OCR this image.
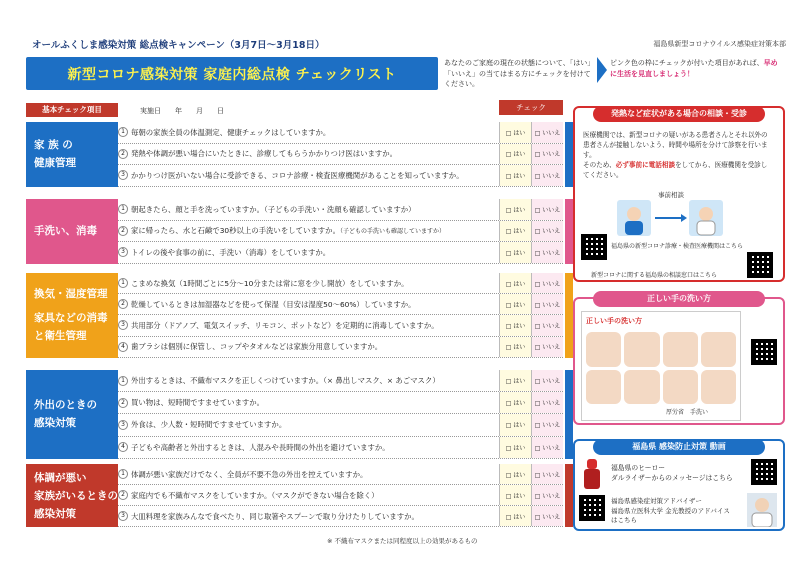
オールふくしま感染対策 総点検キャンペーン（3月7日〜3月18日）	福島県新型コロナウイルス感染症対策本部
新型コロナ感染対策 家庭内総点検 チェックリスト
あなたのご家庭の現在の状態について、「はい」「いいえ」の当てはまる方にチェックを付けてください。
ピンク色の枠にチェックが付いた項目があれば、早めに生活を見直しましょう！
基本チェック項目	実施日　　年　　月　　日	チェック
家 族 の
健康管理
1 毎朝の家族全員の体温測定、健康チェックはしていますか。	□ はい	□ いいえ
2 発熱や体調が悪い場合にいたときに、診療してもらうかかりつけ医はいますか。	□ はい	□ いいえ
3 かかりつけ医がいない場合に受診できる、コロナ診療・検査医療機関があることを知っていますか。	□ はい	□ いいえ
手洗い、消毒
1 朝起きたら、顔と手を洗っていますか。（子どもの手洗い・洗顔も確認していますか）	□ はい	□ いいえ
2 家に帰ったら、水と石鹸で30秒以上の手洗いをしていますか。（子どもの手洗いも確認していますか）	□ はい	□ いいえ
3 トイレの後や食事の前に、手洗い（消毒）をしていますか。	□ はい	□ いいえ
換気・湿度管理
家具などの消毒
と衛生管理
1 こまめな換気（1時間ごとに5分〜10分または常に窓を少し開放）をしていますか。	□ はい	□ いいえ
2 乾燥しているときは加湿器などを使って保湿（目安は湿度50〜60%）していますか。	□ はい	□ いいえ
3 共用部分（ドアノブ、電気スイッチ、リモコン、ポットなど）を定期的に消毒していますか。	□ はい	□ いいえ
4 歯ブラシは個別に保管し、コップやタオルなどは家族分用意していますか。	□ はい	□ いいえ
外出のときの
感染対策
1 外出するときは、不織布マスクを正しくつけていますか。（× 鼻出しマスク、× あごマスク）	□ はい	□ いいえ
2 買い物は、短時間ですませていますか。	□ はい	□ いいえ
3 外食は、少人数・短時間ですませていますか。	□ はい	□ いいえ
4 子どもや高齢者と外出するときは、人混みや長時間の外出を避けていますか。	□ はい	□ いいえ
体調が悪い
家族がいるときの
感染対策
1 体調が悪い家族だけでなく、全員が不要不急の外出を控えていますか。	□ はい	□ いいえ
2 家庭内でも不織布マスクをしていますか。（マスクができない場合を除く）	□ はい	□ いいえ
3 大皿料理を家族みんなで食べたり、同じ取箸やスプーンで取り分けたりしていますか。	□ はい	□ いいえ
※ 不織布マスクまたは同程度以上の効果があるもの
発熱など症状がある場合の相談・受診
医療機関では、新型コロナの疑いがある患者さんとそれ以外の患者さんが接触しないよう、時間や場所を分けて診察を行います。
そのため、必ず事前に電話相談をしてから、医療機関を受診してください。
事前相談
福島県の新型コロナ診療・検査医療機関はこちら
新型コロナに関する福島県の相談窓口はこちら
正しい手の洗い方
正しい手の洗い方
厚労省　手洗い
福島県 感染防止対策 動画
福島県のヒーロー
ダルライザーからのメッセージはこちら
福島県感染症対策アドバイザー
福島県立医科大学 金光教授のアドバイス
はこちら
